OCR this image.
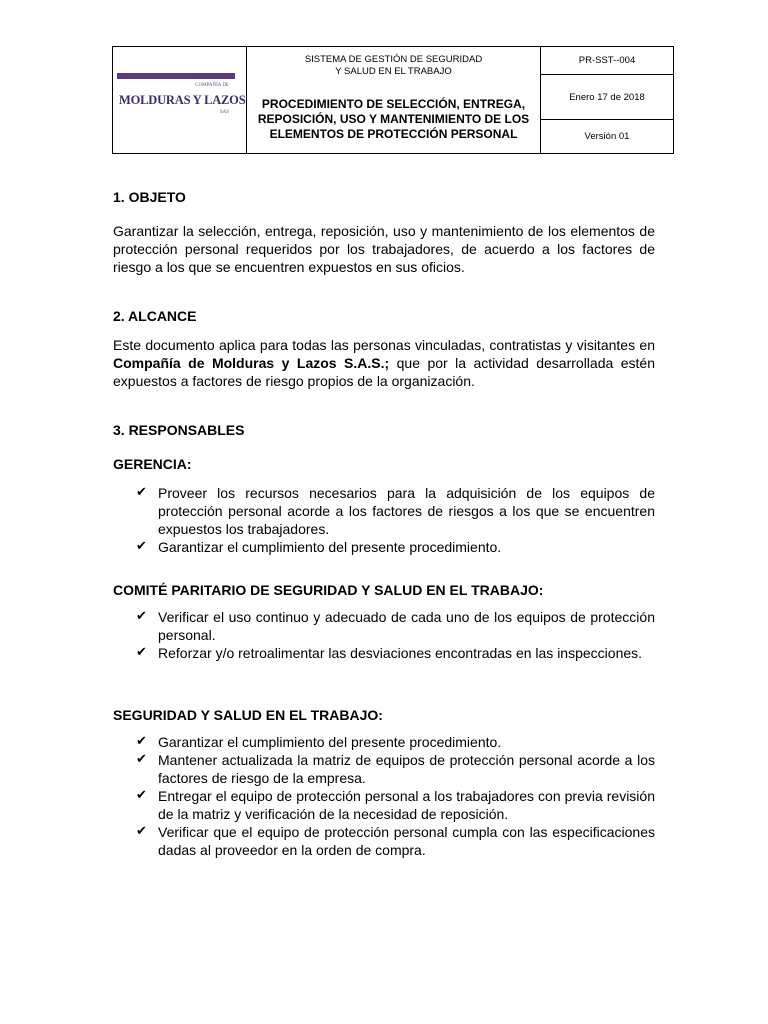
COMPAÑÍA DE
MOLDURAS Y LAZOS
SAS
SISTEMA DE GESTIÓN DE SEGURIDAD
Y SALUD EN EL TRABAJO
PROCEDIMIENTO DE SELECCIÓN, ENTREGA, REPOSICIÓN, USO Y MANTENIMIENTO DE LOS ELEMENTOS DE PROTECCIÓN PERSONAL
PR-SST--004
Enero 17 de 2018
Versión 01
1. OBJETO
Garantizar la selección, entrega, reposición, uso y mantenimiento de los elementos de protección personal requeridos por los trabajadores, de acuerdo a los factores de riesgo a los que se encuentren expuestos en sus oficios.
2. ALCANCE
Este documento aplica para todas las personas vinculadas, contratistas y visitantes en Compañía de Molduras y Lazos S.A.S.; que por la actividad desarrollada estén expuestos a factores de riesgo propios de la organización.
3. RESPONSABLES
GERENCIA:
✔ Proveer los recursos necesarios para la adquisición de los equipos de protección personal acorde a los factores de riesgos a los que se encuentren expuestos los trabajadores.
✔ Garantizar el cumplimiento del presente procedimiento.
COMITÉ PARITARIO DE SEGURIDAD Y SALUD EN EL TRABAJO:
✔ Verificar el uso continuo y adecuado de cada uno de los equipos de protección personal.
✔ Reforzar y/o retroalimentar las desviaciones encontradas en las inspecciones.
SEGURIDAD Y SALUD EN EL TRABAJO:
✔ Garantizar el cumplimiento del presente procedimiento.
✔ Mantener actualizada la matriz de equipos de protección personal acorde a los factores de riesgo de la empresa.
✔ Entregar el equipo de protección personal a los trabajadores con previa revisión de la matriz y verificación de la necesidad de reposición.
✔ Verificar que el equipo de protección personal cumpla con las especificaciones dadas al proveedor en la orden de compra.
